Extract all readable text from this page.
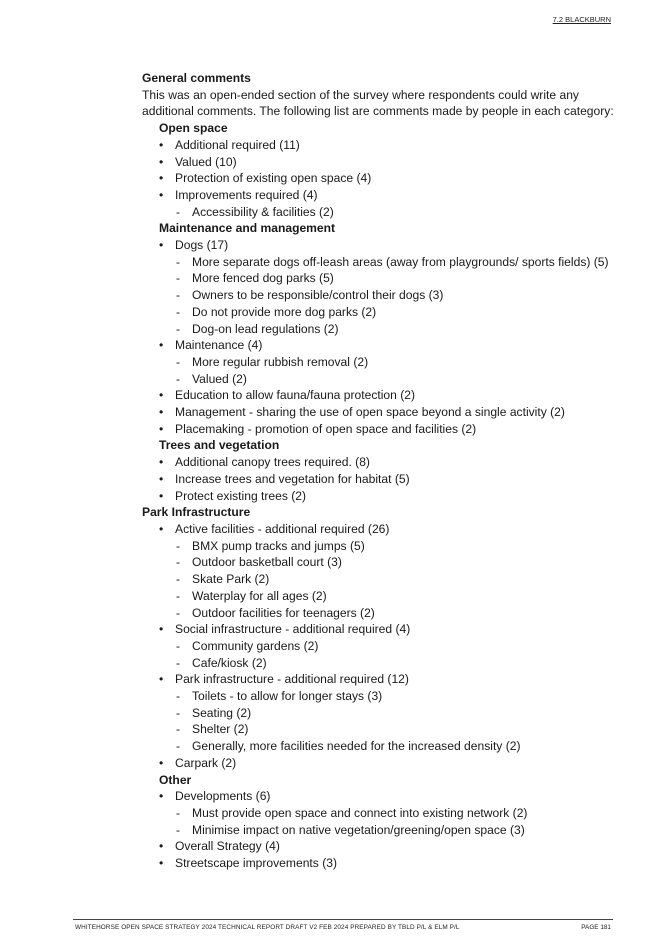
7.2 BLACKBURN
General comments
This was an open-ended section of the survey where respondents could write any
additional comments. The following list are comments made by people in each category:
Open space
• Additional required (11)
• Valued (10)
• Protection of existing open space (4)
• Improvements required (4)
- Accessibility & facilities (2)
Maintenance and management
• Dogs (17)
- More separate dogs off-leash areas (away from playgrounds/ sports fields) (5)
- More fenced dog parks (5)
- Owners to be responsible/control their dogs (3)
- Do not provide more dog parks (2)
- Dog-on lead regulations (2)
• Maintenance (4)
- More regular rubbish removal (2)
- Valued (2)
• Education to allow fauna/fauna protection (2)
• Management - sharing the use of open space beyond a single activity (2)
• Placemaking - promotion of open space and facilities (2)
Trees and vegetation
• Additional canopy trees required. (8)
• Increase trees and vegetation for habitat (5)
• Protect existing trees (2)
Park Infrastructure
• Active facilities - additional required (26)
- BMX pump tracks and jumps (5)
- Outdoor basketball court (3)
- Skate Park (2)
- Waterplay for all ages (2)
- Outdoor facilities for teenagers (2)
• Social infrastructure - additional required (4)
- Community gardens (2)
- Cafe/kiosk (2)
• Park infrastructure - additional required (12)
- Toilets - to allow for longer stays (3)
- Seating (2)
- Shelter (2)
- Generally, more facilities needed for the increased density (2)
• Carpark (2)
Other
• Developments (6)
- Must provide open space and connect into existing network (2)
- Minimise impact on native vegetation/greening/open space (3)
• Overall Strategy (4)
• Streetscape improvements (3)
WHITEHORSE OPEN SPACE STRATEGY 2024 TECHNICAL REPORT DRAFT V2 FEB 2024 PREPARED BY TBLD P/L & ELM P/L	PAGE 181
